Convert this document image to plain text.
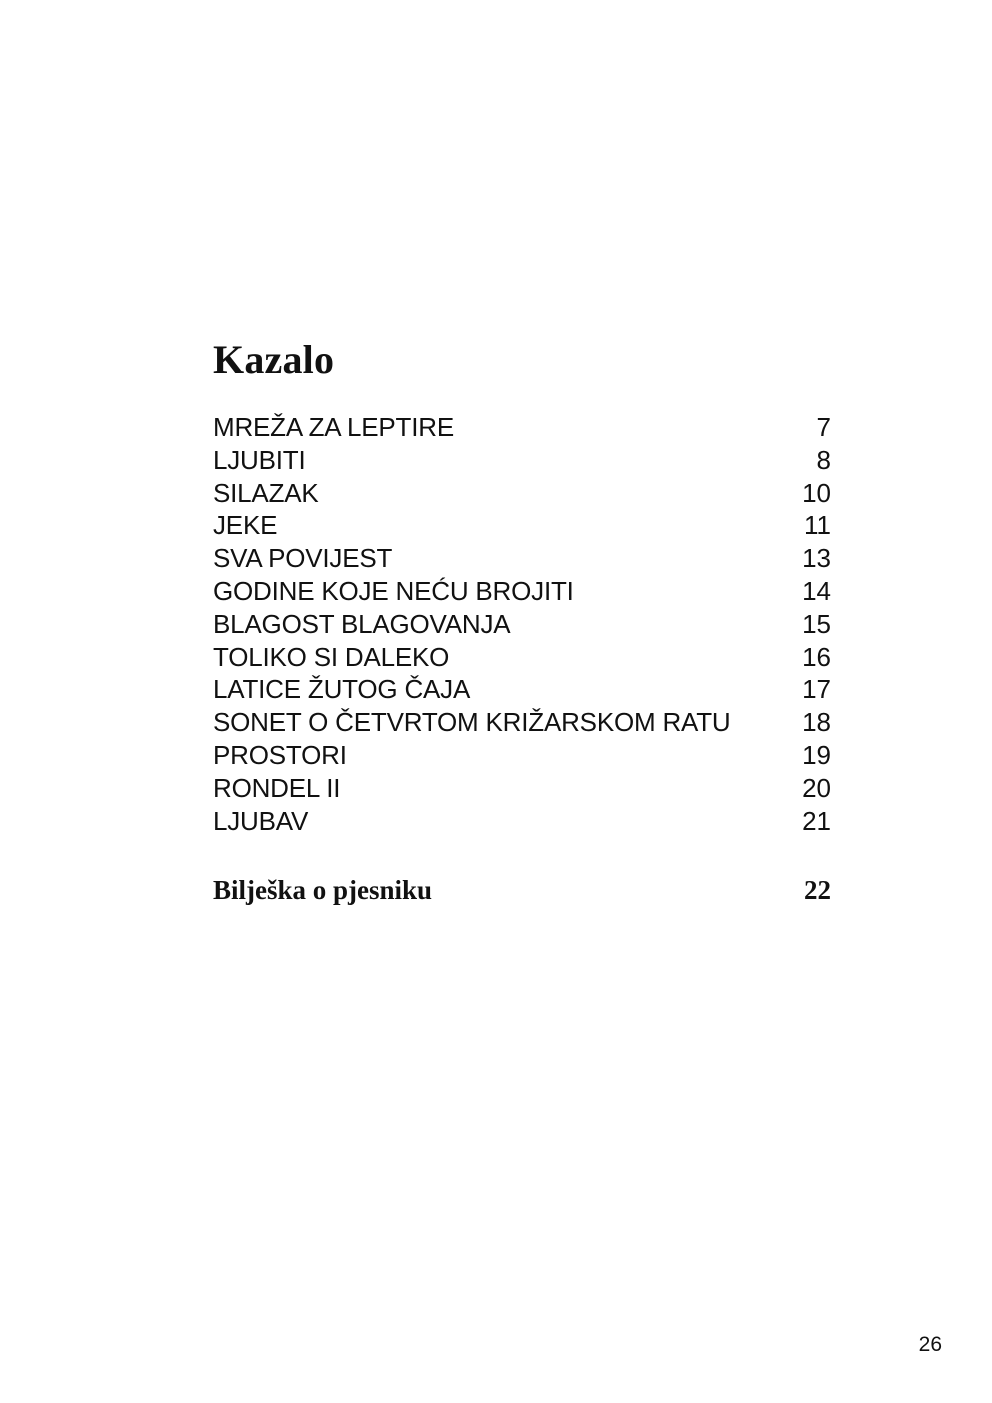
Kazalo
MREŽA ZA LEPTIRE	7
LJUBITI	8
SILAZAK	10
JEKE	11
SVA POVIJEST	13
GODINE KOJE NEĆU BROJITI	14
BLAGOST BLAGOVANJA	15
TOLIKO SI DALEKO	16
LATICE ŽUTOG ČAJA	17
SONET O ČETVRTOM KRIŽARSKOM RATU	18
PROSTORI	19
RONDEL II	20
LJUBAV	21
Bilješka o pjesniku	22
26
